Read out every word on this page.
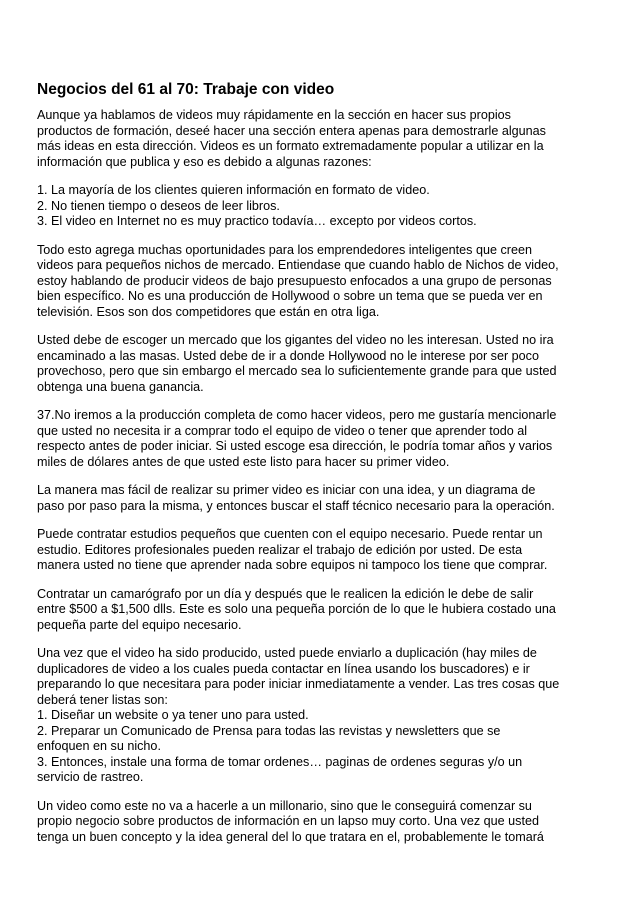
Negocios del 61 al 70: Trabaje con video
Aunque ya hablamos de videos muy rápidamente en la sección en hacer sus propios
productos de formación, deseé hacer una sección entera apenas para demostrarle algunas
más ideas en esta dirección. Videos es un formato extremadamente popular a utilizar en la
información que publica y eso es debido a algunas razones:
1. La mayoría de los clientes quieren información en formato de video.
2. No tienen tiempo o deseos de leer libros.
3. El video en Internet no es muy practico todavía… excepto por videos cortos.
Todo esto agrega muchas oportunidades para los emprendedores inteligentes que creen
videos para pequeños nichos de mercado. Entiendase que cuando hablo de Nichos de video,
estoy hablando de producir videos de bajo presupuesto enfocados a una grupo de personas
bien específico. No es una producción de Hollywood o sobre un tema que se pueda ver en
televisión. Esos son dos competidores que están en otra liga.
Usted debe de escoger un mercado que los gigantes del video no les interesan. Usted no ira
encaminado a las masas. Usted debe de ir a donde Hollywood no le interese por ser poco
provechoso, pero que sin embargo el mercado sea lo suficientemente grande para que usted
obtenga una buena ganancia.
37.No iremos a la producción completa de como hacer videos, pero me gustaría mencionarle
que usted no necesita ir a comprar todo el equipo de video o tener que aprender todo al
respecto antes de poder iniciar. Si usted escoge esa dirección, le podría tomar años y varios
miles de dólares antes de que usted este listo para hacer su primer video.
La manera mas fácil de realizar su primer video es iniciar con una idea, y un diagrama de
paso por paso para la misma, y entonces buscar el staff técnico necesario para la operación.
Puede contratar estudios pequeños que cuenten con el equipo necesario. Puede rentar un
estudio. Editores profesionales pueden realizar el trabajo de edición por usted. De esta
manera usted no tiene que aprender nada sobre equipos ni tampoco los tiene que comprar.
Contratar un camarógrafo por un día y después que le realicen la edición le debe de salir
entre $500 a $1,500 dlls. Este es solo una pequeña porción de lo que le hubiera costado una
pequeña parte del equipo necesario.
Una vez que el video ha sido producido, usted puede enviarlo a duplicación (hay miles de
duplicadores de video a los cuales pueda contactar en línea usando los buscadores) e ir
preparando lo que necesitara para poder iniciar inmediatamente a vender. Las tres cosas que
deberá tener listas son:
1. Diseñar un website o ya tener uno para usted.
2. Preparar un Comunicado de Prensa para todas las revistas y newsletters que se
enfoquen en su nicho.
3. Entonces, instale una forma de tomar ordenes… paginas de ordenes seguras y/o un
servicio de rastreo.
Un video como este no va a hacerle a un millonario, sino que le conseguirá comenzar su
propio negocio sobre productos de información en un lapso muy corto. Una vez que usted
tenga un buen concepto y la idea general del lo que tratara en el, probablemente le tomará
